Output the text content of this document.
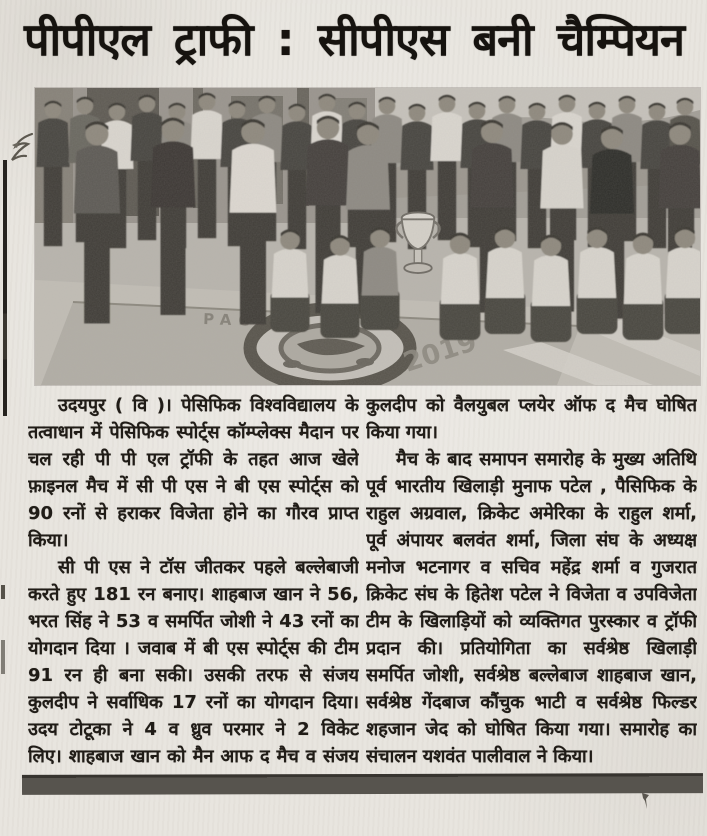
पीपीएल ट्राफी : सीपीएस बनी चैम्पियन
उदयपुर ( वि )। पेसिफिक विश्वविद्यालय के
तत्वाधान में पेसिफिक स्पोर्ट्स कॉम्प्लेक्स मैदान पर
चल रही पी पी एल ट्रॉफी के तहत आज खेले
फ़ाइनल मैच में सी पी एस ने बी एस स्पोर्ट्स को
90 रनों से हराकर विजेता होने का गौरव प्राप्त
किया।
सी पी एस ने टॉस जीतकर पहले बल्लेबाजी
करते हुए 181 रन बनाए। शाहबाज खान ने 56,
भरत सिंह ने 53 व समर्पित जोशी ने 43 रनों का
योगदान दिया । जवाब में बी एस स्पोर्ट्स की टीम
91 रन ही बना सकी। उसकी तरफ से संजय
कुलदीप ने सर्वाधिक 17 रनों का योगदान दिया।
उदय टोटूका ने 4 व ध्रुव परमार ने 2 विकेट
लिए। शाहबाज खान को मैन आफ द मैच व संजय
कुलदीप को वैलयुबल प्लयेर ऑफ द मैच घोषित
किया गया।
मैच के बाद समापन समारोह के मुख्य अतिथि
पूर्व भारतीय खिलाड़ी मुनाफ पटेल , पैसिफिक के
राहुल अग्रवाल, क्रिकेट अमेरिका के राहुल शर्मा,
पूर्व अंपायर बलवंत शर्मा, जिला संघ के अध्यक्ष
मनोज भटनागर व सचिव महेंद्र शर्मा व गुजरात
क्रिकेट संघ के हितेश पटेल ने विजेता व उपविजेता
टीम के खिलाड़ियों को व्यक्तिगत पुरस्कार व ट्रॉफी
प्रदान की। प्रतियोगिता का सर्वश्रेष्ठ खिलाड़ी
समर्पित जोशी, सर्वश्रेष्ठ बल्लेबाज शाहबाज खान,
सर्वश्रेष्ठ गेंदबाज कौंचुक भाटी व सर्वश्रेष्ठ फिल्डर
शहजान जेद को घोषित किया गया। समारोह का
संचालन यशवंत पालीवाल ने किया।
